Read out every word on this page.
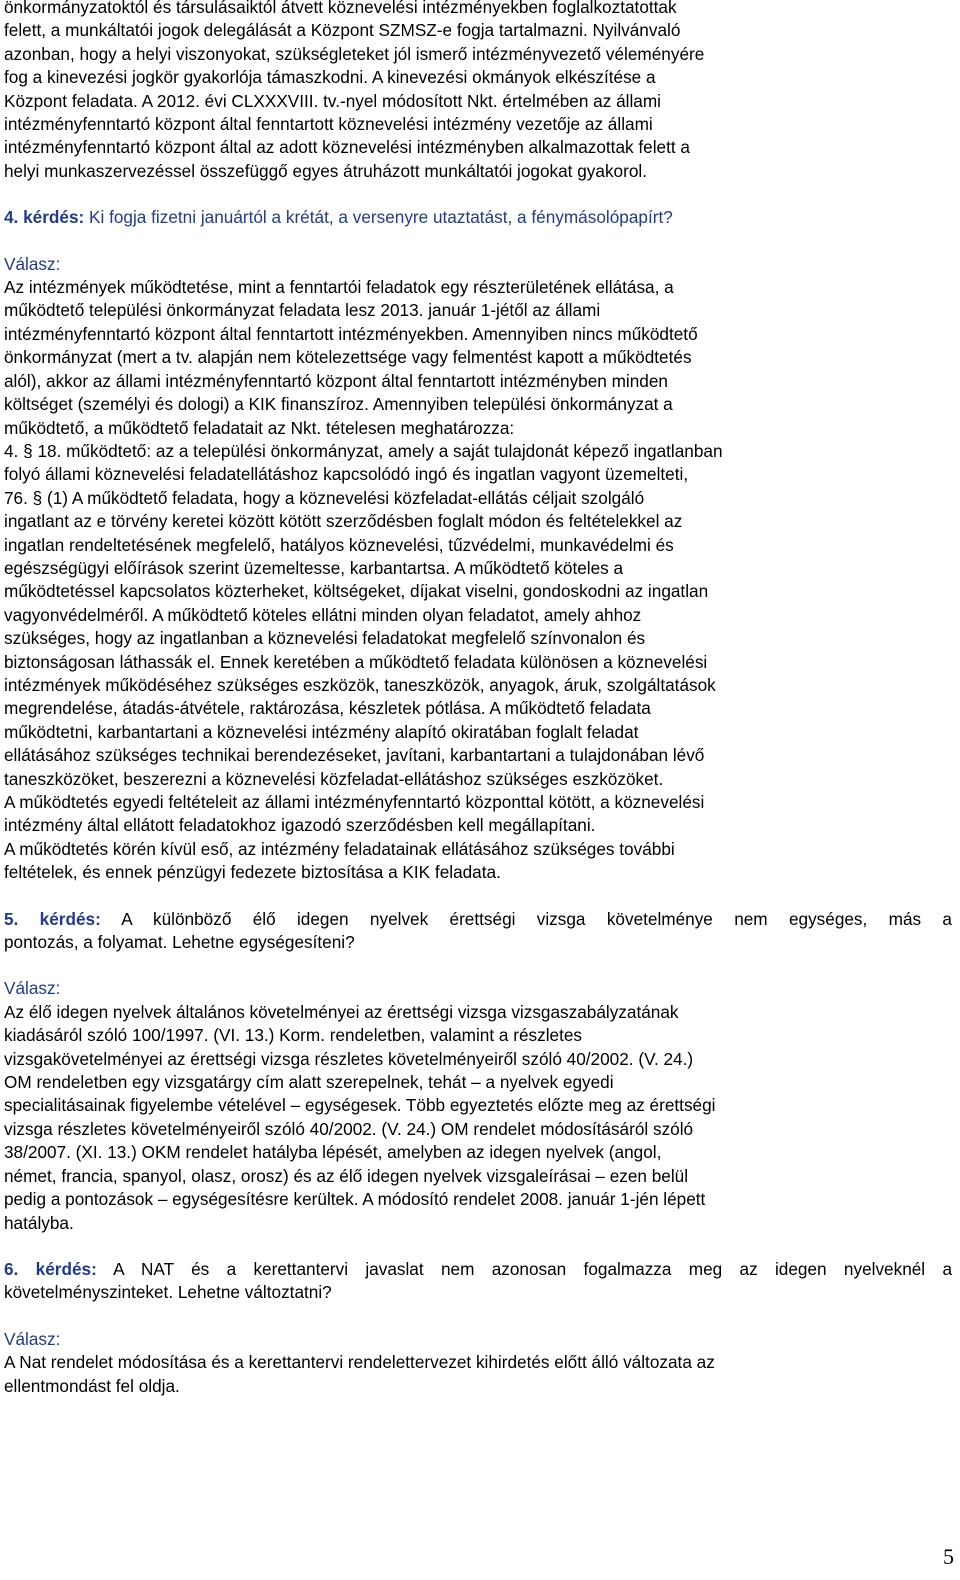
önkormányzatoktól és társulásaiktól átvett köznevelési intézményekben foglalkoztatottak
felett, a munkáltatói jogok delegálását a Központ SZMSZ-e fogja tartalmazni. Nyilvánvaló
azonban, hogy a helyi viszonyokat, szükségleteket jól ismerő intézményvezető véleményére
fog a kinevezési jogkör gyakorlója támaszkodni. A kinevezési okmányok elkészítése a
Központ feladata. A 2012. évi CLXXXVIII. tv.-nyel módosított Nkt. értelmében az állami
intézményfenntartó központ által fenntartott köznevelési intézmény vezetője az állami
intézményfenntartó központ által az adott köznevelési intézményben alkalmazottak felett a
helyi munkaszervezéssel összefüggő egyes átruházott munkáltatói jogokat gyakorol.
4. kérdés: Ki fogja fizetni januártól a krétát, a versenyre utaztatást, a fénymásolópapírt?
Válasz:
Az intézmények működtetése, mint a fenntartói feladatok egy részterületének ellátása, a
működtető települési önkormányzat feladata lesz 2013. január 1-jétől az állami
intézményfenntartó központ által fenntartott intézményekben. Amennyiben nincs működtető
önkormányzat (mert a tv. alapján nem kötelezettsége vagy felmentést kapott a működtetés
alól), akkor az állami intézményfenntartó központ által fenntartott intézményben minden
költséget (személyi és dologi) a KIK finanszírоz. Amennyiben települési önkormányzat a
működtető, a működtető feladatait az Nkt. tételesen meghatározza:
4. § 18. működtető: az a települési önkormányzat, amely a saját tulajdonát képező ingatlanban
folyó állami köznevelési feladatellátáshoz kapcsolódó ingó és ingatlan vagyont üzemelteti,
76. § (1) A működtető feladata, hogy a köznevelési közfeladat-ellátás céljait szolgáló
ingatlant az e törvény keretei között kötött szerződésben foglalt módon és feltételekkel az
ingatlan rendeltetésének megfelelő, hatályos köznevelési, tűzvédelmi, munkavédelmi és
egészségügyi előírások szerint üzemeltesse, karbantartsa. A működtető köteles a
működtetéssel kapcsolatos közterheket, költségeket, díjakat viselni, gondoskodni az ingatlan
vagyonvédelméről. A működtető köteles ellátni minden olyan feladatot, amely ahhoz
szükséges, hogy az ingatlanban a köznevelési feladatokat megfelelő színvonalon és
biztonságosan láthassák el. Ennek keretében a működtető feladata különösen a köznevelési
intézmények működéséhez szükséges eszközök, taneszközök, anyagok, áruk, szolgáltatások
megrendelése, átadás-átvétele, raktározása, készletek pótlása. A működtető feladata
működtetni, karbantartani a köznevelési intézmény alapító okiratában foglalt feladat
ellátásához szükséges technikai berendezéseket, javítani, karbantartani a tulajdonában lévő
taneszközöket, beszerezni a köznevelési közfeladat-ellátáshoz szükséges eszközöket.
A működtetés egyedi feltételeit az állami intézményfenntartó központtal kötött, a köznevelési
intézmény által ellátott feladatokhoz igazodó szerződésben kell megállapítani.
A működtetés körén kívül eső, az intézmény feladatainak ellátásához szükséges további
feltételek, és ennek pénzügyi fedezete biztosítása a KIK feladata.
5. kérdés: A különböző élő idegen nyelvek érettségi vizsga követelménye nem egységes, más a
pontozás, a folyamat. Lehetne egységesíteni?
Válasz:
Az élő idegen nyelvek általános követelményei az érettségi vizsga vizsgaszabályzatának
kiadásáról szóló 100/1997. (VI. 13.) Korm. rendeletben, valamint a részletes
vizsgakövetelményei az érettségi vizsga részletes követelményeiről szóló 40/2002. (V. 24.)
OM rendeletben egy vizsgatárgy cím alatt szerepelnek, tehát – a nyelvek egyedi
specialitásainak figyelembe vételével – egységesek. Több egyeztetés előzte meg az érettségi
vizsga részletes követelményeiről szóló 40/2002. (V. 24.) OM rendelet módosításáról szóló
38/2007. (XI. 13.) OKM rendelet hatályba lépését, amelyben az idegen nyelvek (angol,
német, francia, spanyol, olasz, orosz) és az élő idegen nyelvek vizsgaleírásai – ezen belül
pedig a pontozások – egységesítésre kerültek. A módosító rendelet 2008. január 1-jén lépett
hatályba.
6. kérdés: A NAT és a kerettantervi javaslat nem azonosan fogalmazza meg az idegen nyelveknél a
követelményszinteket. Lehetne változtatni?
Válasz:
A Nat rendelet módosítása és a kerettantervi rendelettervezet kihirdetés előtt álló változata az
ellentmondást fel oldja.
5
